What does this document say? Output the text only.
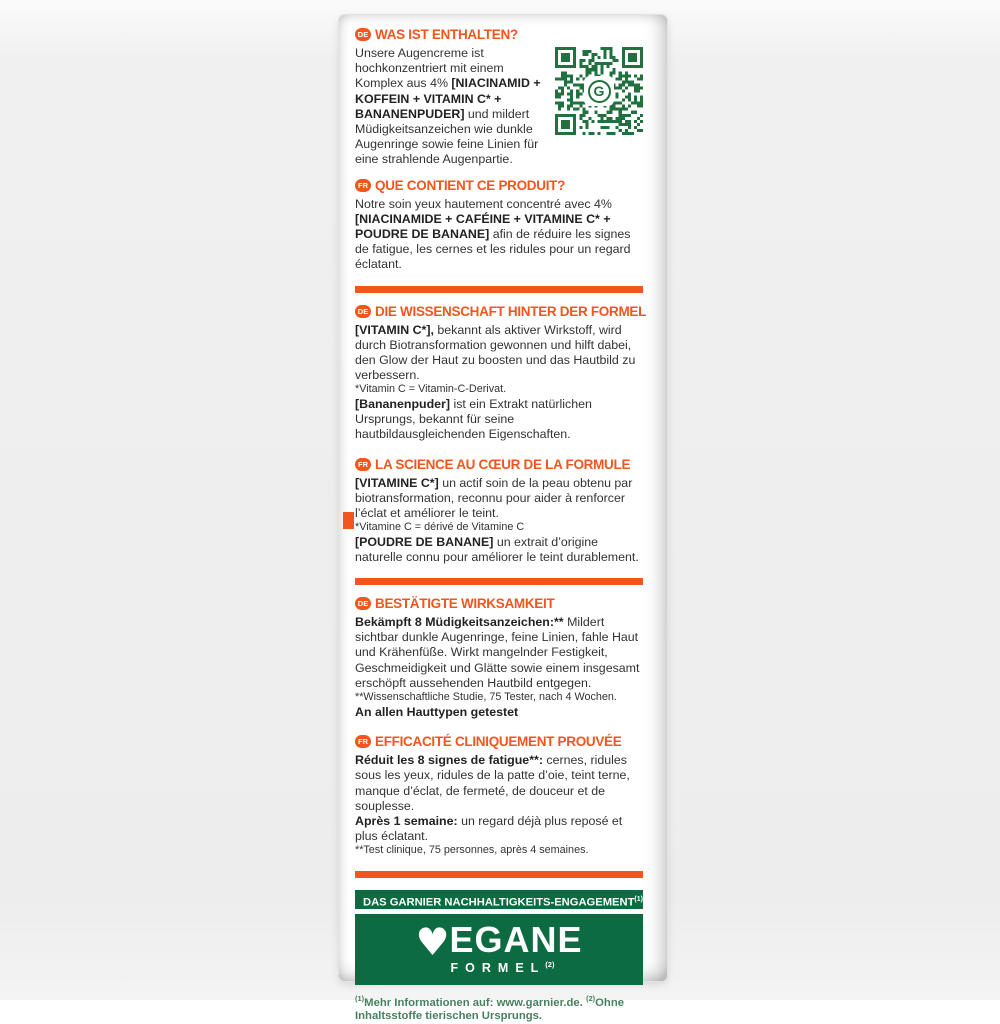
DE WAS IST ENTHALTEN?
G
Unsere Augencreme ist hochkonzentriert mit einem Komplex aus 4% [NIACINAMID + KOFFEIN + VITAMIN C* + BANANENPUDER] und mildert Müdigkeitsanzeichen wie dunkle Augenringe sowie feine Linien für eine strahlende Augenpartie.
FR QUE CONTIENT CE PRODUIT?
Notre soin yeux hautement concentré avec 4% [NIACINAMIDE + CAFÉINE + VITAMINE C* + POUDRE DE BANANE] afin de réduire les signes de fatigue, les cernes et les ridules pour un regard éclatant.
DE DIE WISSENSCHAFT HINTER DER FORMEL
[VITAMIN C*], bekannt als aktiver Wirkstoff, wird durch Biotransformation gewonnen und hilft dabei, den Glow der Haut zu boosten und das Hautbild zu verbessern.
*Vitamin C = Vitamin-C-Derivat.
[Bananenpuder] ist ein Extrakt natürlichen Ursprungs, bekannt für seine hautbildausgleichenden Eigenschaften.
FR LA SCIENCE AU CŒUR DE LA FORMULE
[VITAMINE C*] un actif soin de la peau obtenu par biotransformation, reconnu pour aider à renforcer l’éclat et améliorer le teint.
*Vitamine C = dérivé de Vitamine C
[POUDRE DE BANANE] un extrait d’origine naturelle connu pour améliorer le teint durablement.
DE BESTÄTIGTE WIRKSAMKEIT
Bekämpft 8 Müdigkeitsanzeichen:** Mildert sichtbar dunkle Augenringe, feine Linien, fahle Haut und Krähenfüße. Wirkt mangelnder Festigkeit, Geschmeidigkeit und Glätte sowie einem insgesamt erschöpft aussehenden Hautbild entgegen.
**Wissenschaftliche Studie, 75 Tester, nach 4 Wochen.
An allen Hauttypen getestet
FR EFFICACITÉ CLINIQUEMENT PROUVÉE
Réduit les 8 signes de fatigue**: cernes, ridules sous les yeux, ridules de la patte d’oie, teint terne, manque d’éclat, de fermeté, de douceur et de souplesse.
Après 1 semaine: un regard déjà plus reposé et plus éclatant.
**Test clinique, 75 personnes, après 4 semaines.
DAS GARNIER NACHHALTIGKEITS-ENGAGEMENT$^{(1)}$
♥EGANE
FORMEL$^{(2)}$
$^{(1)}$Mehr Informationen auf: www.garnier.de. $^{(2)}$Ohne Inhaltsstoffe tierischen Ursprungs.
